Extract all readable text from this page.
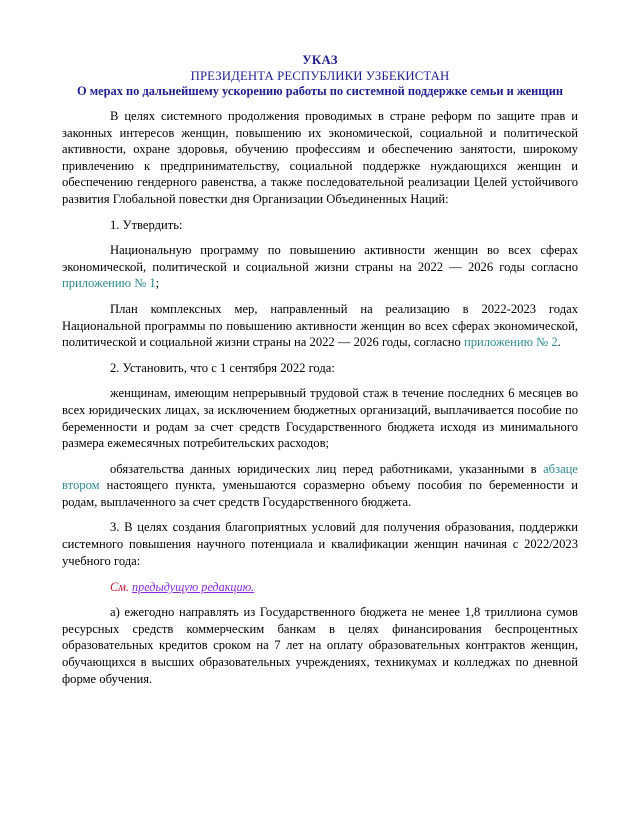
УКАЗ
ПРЕЗИДЕНТА РЕСПУБЛИКИ УЗБЕКИСТАН
О мерах по дальнейшему ускорению работы по системной поддержке семьи и женщин

В целях системного продолжения проводимых в стране реформ по защите прав и законных интересов женщин, повышению их экономической, социальной и политической активности, охране здоровья, обучению профессиям и обеспечению занятости, широкому привлечению к предпринимательству, социальной поддержке нуждающихся женщин и обеспечению гендерного равенства, а также последовательной реализации Целей устойчивого развития Глобальной повестки дня Организации Объединенных Наций:

1. Утвердить:

Национальную программу по повышению активности женщин во всех сферах экономической, политической и социальной жизни страны на 2022 — 2026 годы согласно приложению № 1;

План комплексных мер, направленный на реализацию в 2022-2023 годах Национальной программы по повышению активности женщин во всех сферах экономической, политической и социальной жизни страны на 2022 — 2026 годы, согласно приложению № 2.

2. Установить, что с 1 сентября 2022 года:

женщинам, имеющим непрерывный трудовой стаж в течение последних 6 месяцев во всех юридических лицах, за исключением бюджетных организаций, выплачивается пособие по беременности и родам за счет средств Государственного бюджета исходя из минимального размера ежемесячных потребительских расходов;

обязательства данных юридических лиц перед работниками, указанными в абзаце втором настоящего пункта, уменьшаются соразмерно объему пособия по беременности и родам, выплаченного за счет средств Государственного бюджета.

3. В целях создания благоприятных условий для получения образования, поддержки системного повышения научного потенциала и квалификации женщин начиная с 2022/2023 учебного года:

См. предыдущую редакцию.

а) ежегодно направлять из Государственного бюджета не менее 1,8 триллиона сумов ресурсных средств коммерческим банкам в целях финансирования беспроцентных образовательных кредитов сроком на 7 лет на оплату образовательных контрактов женщин, обучающихся в высших образовательных учреждениях, техникумах и колледжах по дневной форме обучения.
